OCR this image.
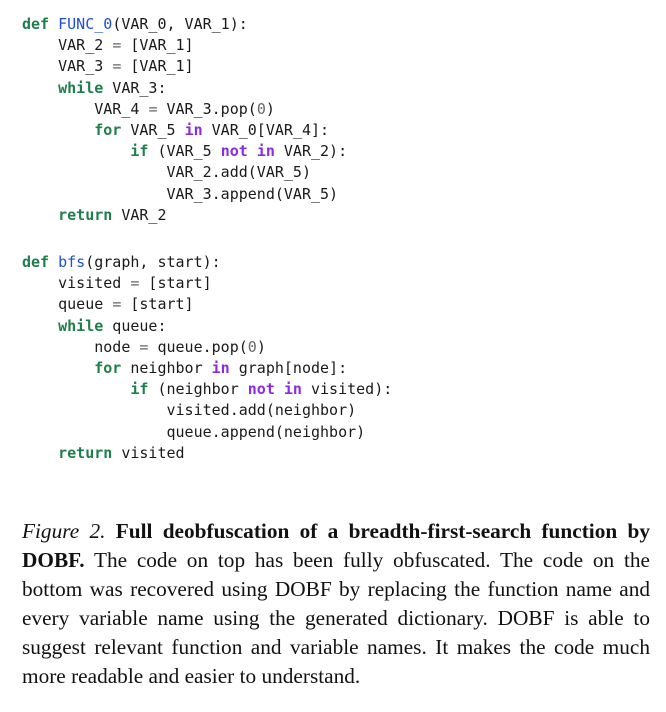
def FUNC_0(VAR_0, VAR_1):
VAR_2 = [VAR_1]
VAR_3 = [VAR_1]
while VAR_3:
VAR_4 = VAR_3.pop(0)
for VAR_5 in VAR_0[VAR_4]:
if (VAR_5 not in VAR_2):
VAR_2.add(VAR_5)
VAR_3.append(VAR_5)
return VAR_2
def bfs(graph, start):
visited = [start]
queue = [start]
while queue:
node = queue.pop(0)
for neighbor in graph[node]:
if (neighbor not in visited):
visited.add(neighbor)
queue.append(neighbor)
return visited

Figure 2. Full deobfuscation of a breadth-first-search function by DOBF. The code on top has been fully obfuscated. The code on the bottom was recovered using DOBF by replacing the function name and every variable name using the generated dictionary. DOBF is able to suggest relevant function and variable names. It makes the code much more readable and easier to understand.
